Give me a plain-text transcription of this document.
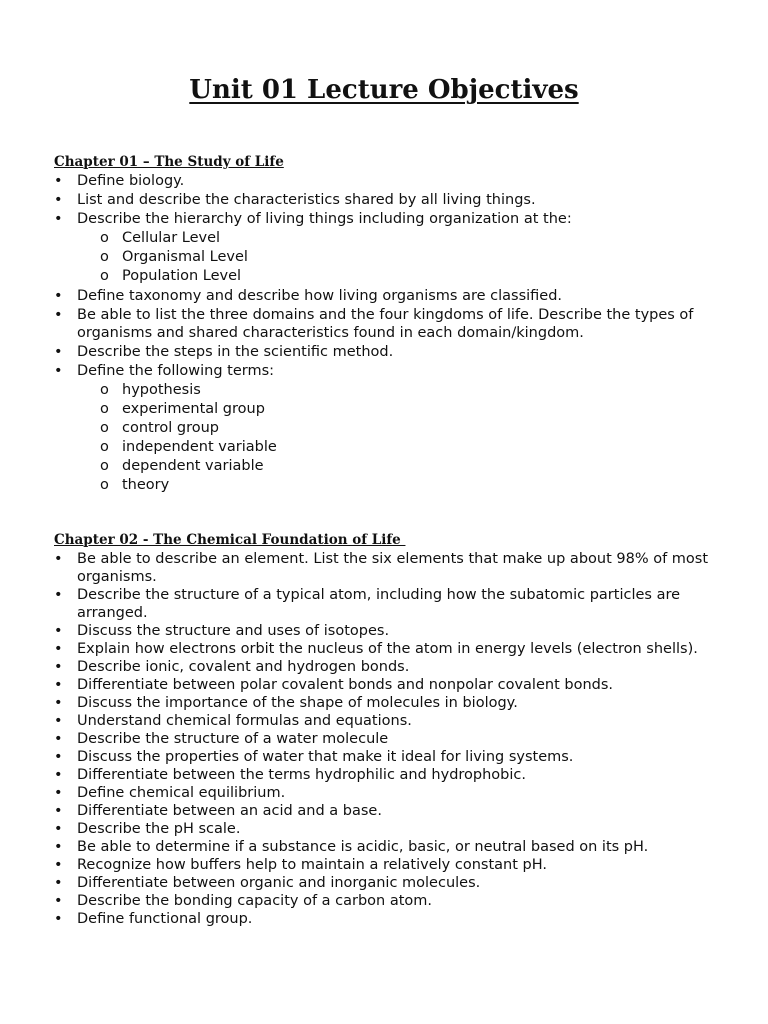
Unit 01 Lecture Objectives
Chapter 01 – The Study of Life
• Define biology.
• List and describe the characteristics shared by all living things.
• Describe the hierarchy of living things including organization at the:
o Cellular Level
o Organismal Level
o Population Level
• Define taxonomy and describe how living organisms are classified.
• Be able to list the three domains and the four kingdoms of life. Describe the types of organisms and shared characteristics found in each domain/kingdom.
• Describe the steps in the scientific method.
• Define the following terms:
o hypothesis
o experimental group
o control group
o independent variable
o dependent variable
o theory
Chapter 02 - The Chemical Foundation of Life
• Be able to describe an element. List the six elements that make up about 98% of most organisms.
• Describe the structure of a typical atom, including how the subatomic particles are arranged.
• Discuss the structure and uses of isotopes.
• Explain how electrons orbit the nucleus of the atom in energy levels (electron shells).
• Describe ionic, covalent and hydrogen bonds.
• Differentiate between polar covalent bonds and nonpolar covalent bonds.
• Discuss the importance of the shape of molecules in biology.
• Understand chemical formulas and equations.
• Describe the structure of a water molecule
• Discuss the properties of water that make it ideal for living systems.
• Differentiate between the terms hydrophilic and hydrophobic.
• Define chemical equilibrium.
• Differentiate between an acid and a base.
• Describe the pH scale.
• Be able to determine if a substance is acidic, basic, or neutral based on its pH.
• Recognize how buffers help to maintain a relatively constant pH.
• Differentiate between organic and inorganic molecules.
• Describe the bonding capacity of a carbon atom.
• Define functional group.
